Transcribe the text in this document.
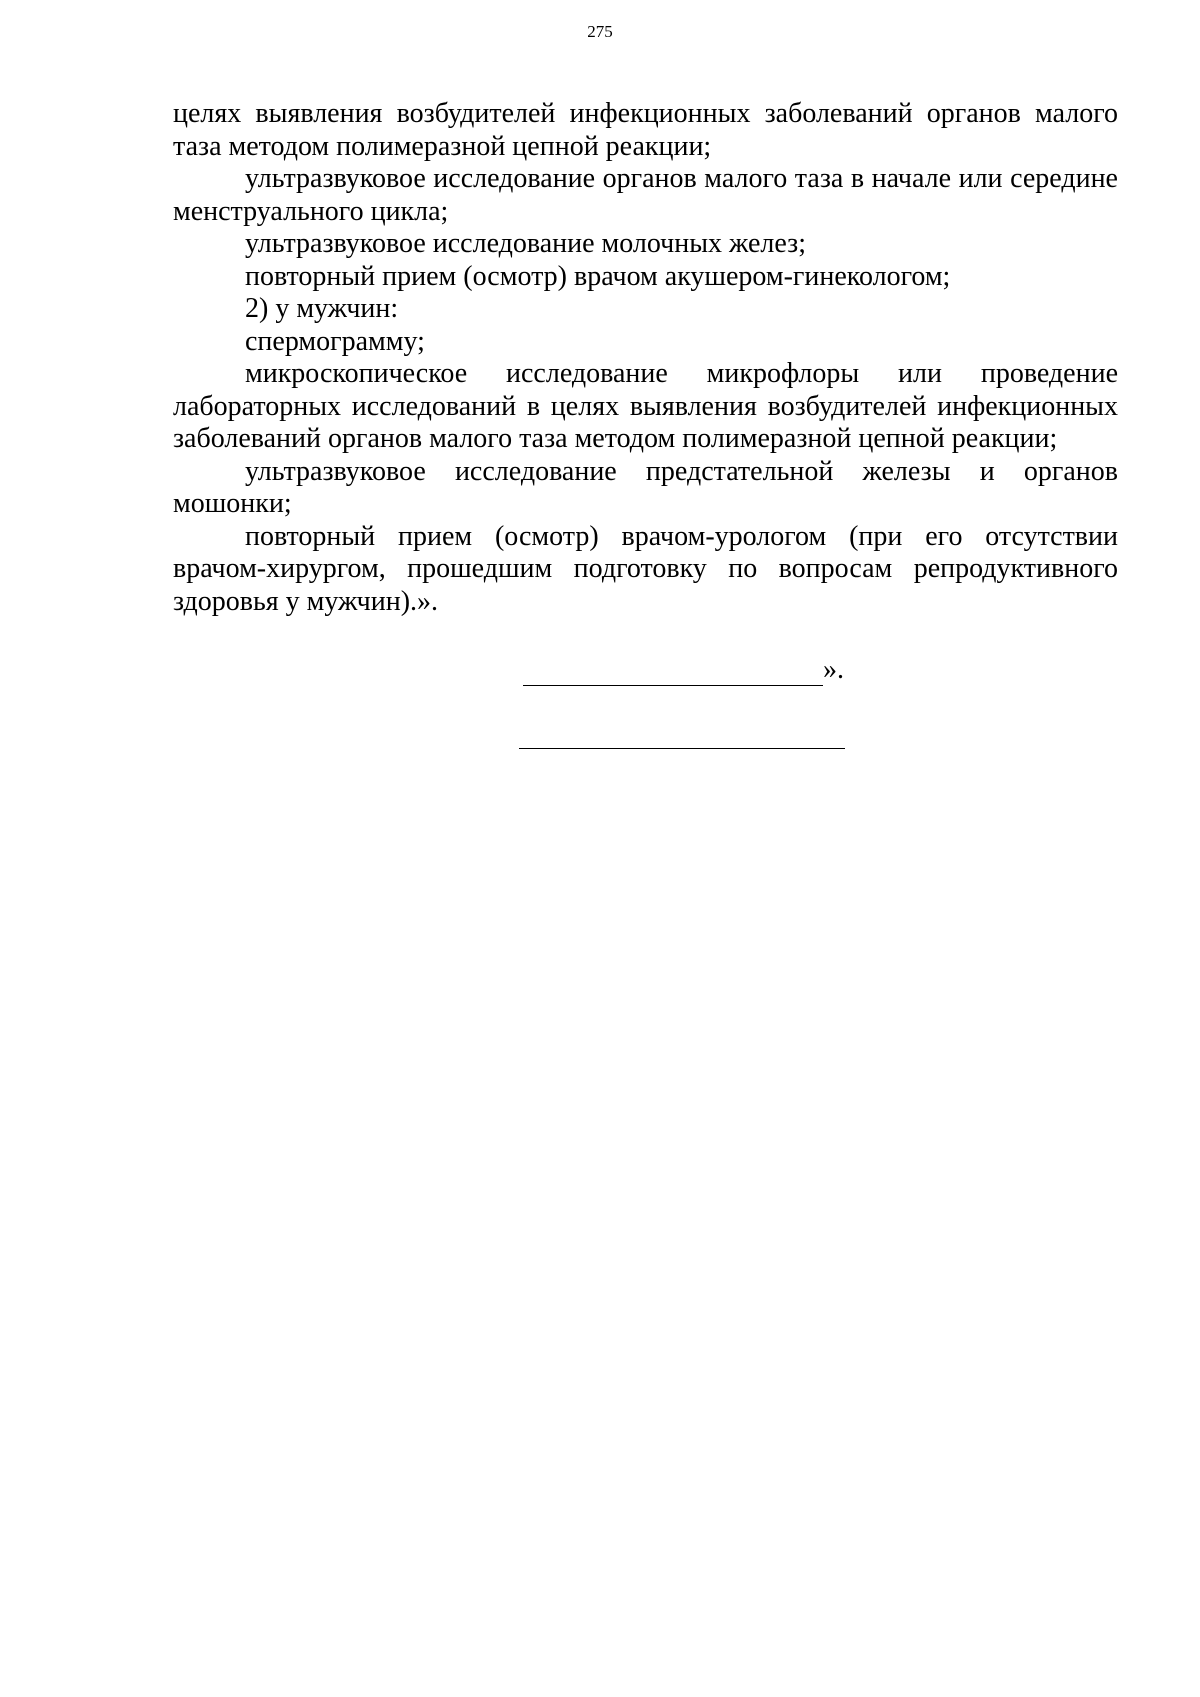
275

целях выявления возбудителей инфекционных заболеваний органов малого таза методом полимеразной цепной реакции;

ультразвуковое исследование органов малого таза в начале или середине менструального цикла;

ультразвуковое исследование молочных желез;

повторный прием (осмотр) врачом акушером-гинекологом;

2) у мужчин:

спермограмму;

микроскопическое исследование микрофлоры или проведение лабораторных исследований в целях выявления возбудителей инфекционных заболеваний органов малого таза методом полимеразной цепной реакции;

ультразвуковое исследование предстательной железы и органов мошонки;

повторный прием (осмотр) врачом-урологом (при его отсутствии врачом-хирургом, прошедшим подготовку по вопросам репродуктивного здоровья у мужчин).».

».
